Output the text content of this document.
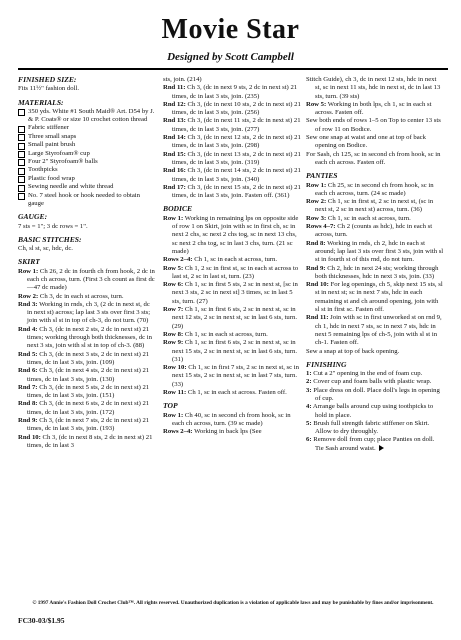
Movie Star
Designed by Scott Campbell
FINISHED SIZE:
Fits 11½" fashion doll.
MATERIALS:
350 yds. White #1 South Maid® Art. D54 by J. & P. Coats® or size 10 crochet cotton thread
Fabric stiffener
Three small snaps
Small paint brush
Large Styrofoam® cup
Four 2" Styrofoam® balls
Toothpicks
Plastic food wrap
Sewing needle and white thread
No. 7 steel hook or hook needed to obtain gauge
GAUGE:
7 sts = 1"; 3 dc rows = 1".
BASIC STITCHES:
Ch, sl st, sc, hdc, dc.
SKIRT
Row 1: Ch 26, 2 dc in fourth ch from hook, 2 dc in each ch across, turn. (First 3 ch count as first dc—47 dc made)
Row 2: Ch 3, dc in each st across, turn.
Rnd 3: Working in rnds, ch 3, (2 dc in next st, dc in next st) across; lap last 3 sts over first 3 sts; join with sl st in top of ch-3, do not turn. (70)
Rnd 4: Ch 3, (dc in next 2 sts, 2 dc in next st) 21 times; working through both thicknesses, dc in next 3 sts, join with sl st in top of ch-3. (88)
Rnd 5: Ch 3, (dc in next 3 sts, 2 dc in next st) 21 times, dc in last 3 sts, join. (109)
Rnd 6: Ch 3, (dc in next 4 sts, 2 dc in next st) 21 times, dc in last 3 sts, join. (130)
Rnd 7: Ch 3, (dc in next 5 sts, 2 dc in next st) 21 times, dc in last 3 sts, join. (151)
Rnd 8: Ch 3, (dc in next 6 sts, 2 dc in next st) 21 times, dc in last 3 sts, join. (172)
Rnd 9: Ch 3, (dc in next 7 sts, 2 dc in next st) 21 times, dc in last 3 sts, join. (193)
Rnd 10: Ch 3, (dc in next 8 sts, 2 dc in next st) 21 times, dc in last 3
sts, join. (214)
Rnd 11: Ch 3, (dc in next 9 sts, 2 dc in next st) 21 times, dc in last 3 sts, join. (235)
Rnd 12: Ch 3, (dc in next 10 sts, 2 dc in next st) 21 times, dc in last 3 sts, join. (256)
Rnd 13: Ch 3, (dc in next 11 sts, 2 dc in next st) 21 times, dc in last 3 sts, join. (277)
Rnd 14: Ch 3, (dc in next 12 sts, 2 dc in next st) 21 times, dc in last 3 sts, join. (298)
Rnd 15: Ch 3, (dc in next 13 sts, 2 dc in next st) 21 times, dc in last 3 sts, join. (319)
Rnd 16: Ch 3, (dc in next 14 sts, 2 dc in next st) 21 times, dc in last 3 sts, join. (340)
Rnd 17: Ch 3, (dc in next 15 sts, 2 dc in next st) 21 times, dc in last 3 sts, join. Fasten off. (361)
BODICE
Row 1: Working in remaining lps on opposite side of row 1 on Skirt, join with sc in first ch, sc in next 2 chs, sc next 2 chs tog, sc in next 13 chs, sc next 2 chs tog, sc in last 3 chs, turn. (21 sc made)
Rows 2–4: Ch 1, sc in each st across, turn.
Row 5: Ch 1, 2 sc in first st, sc in each st across to last st, 2 sc in last st, turn. (23)
Row 6: Ch 1, sc in first 5 sts, 2 sc in next st, [sc in next 3 sts, 2 sc in next st] 3 times, sc in last 5 sts, turn. (27)
Row 7: Ch 1, sc in first 6 sts, 2 sc in next st, sc in next 12 sts, 2 sc in next st, sc in last 6 sts, turn. (29)
Row 8: Ch 1, sc in each st across, turn.
Row 9: Ch 1, sc in first 6 sts, 2 sc in next st, sc in next 15 sts, 2 sc in next st, sc in last 6 sts, turn. (31)
Row 10: Ch 1, sc in first 7 sts, 2 sc in next st, sc in next 15 sts, 2 sc in next st, sc in last 7 sts, turn. (33)
Row 11: Ch 1, sc in each st across. Fasten off.
TOP
Row 1: Ch 40, sc in second ch from hook, sc in each ch across, turn. (39 sc made)
Rows 2–4: Working in back lps (See
Stitch Guide), ch 3, dc in next 12 sts, hdc in next st, sc in next 11 sts, hdc in next st, dc in last 13 sts, turn. (39 sts)
Row 5: Working in both lps, ch 1, sc in each st across. Fasten off.
Sew both ends of rows 1–5 on Top to center 13 sts of row 11 on Bodice.
Sew one snap at waist and one at top of back opening on Bodice.
For Sash, ch 125, sc in second ch from hook, sc in each ch across. Fasten off.
PANTIES
Row 1: Ch 25, sc in second ch from hook, sc in each ch across, turn. (24 sc made)
Row 2: Ch 1, sc in first st, 2 sc in next st, (sc in next st, 2 sc in next st) across, turn. (36)
Row 3: Ch 1, sc in each st across, turn.
Rows 4–7: Ch 2 (counts as hdc), hdc in each st across, turn.
Rnd 8: Working in rnds, ch 2, hdc in each st around; lap last 3 sts over first 3 sts, join with sl st in fourth st of this rnd, do not turn.
Rnd 9: Ch 2, hdc in next 24 sts; working through both thicknesses, hdc in next 3 sts, join. (33)
Rnd 10: For leg openings, ch 5, skip next 15 sts, sl st in next st; sc in next 7 sts, hdc in each remaining st and ch around opening, join with sl st in first sc. Fasten off.
Rnd 11: Join with sc in first unworked st on rnd 9, ch 1, hdc in next 7 sts, sc in next 7 sts, hdc in next 5 remaining lps of ch-5, join with sl st in ch-1. Fasten off.
Sew a snap at top of back opening.
FINISHING
1: Cut a 2" opening in the end of foam cup.
2: Cover cup and foam balls with plastic wrap.
3: Place dress on doll. Place doll's legs in opening of cup.
4: Arrange balls around cup using toothpicks to hold in place.
5: Brush full strength fabric stiffener on Skirt. Allow to dry throughly.
6: Remove doll from cup; place Panties on doll. Tie Sash around waist.
© 1997 Annie's Fashion Doll Crochet Club™. All rights reserved. Unauthorized duplication is a violation of applicable laws and may be punishable by fines and/or imprisonment.
FC30-03/$1.95
